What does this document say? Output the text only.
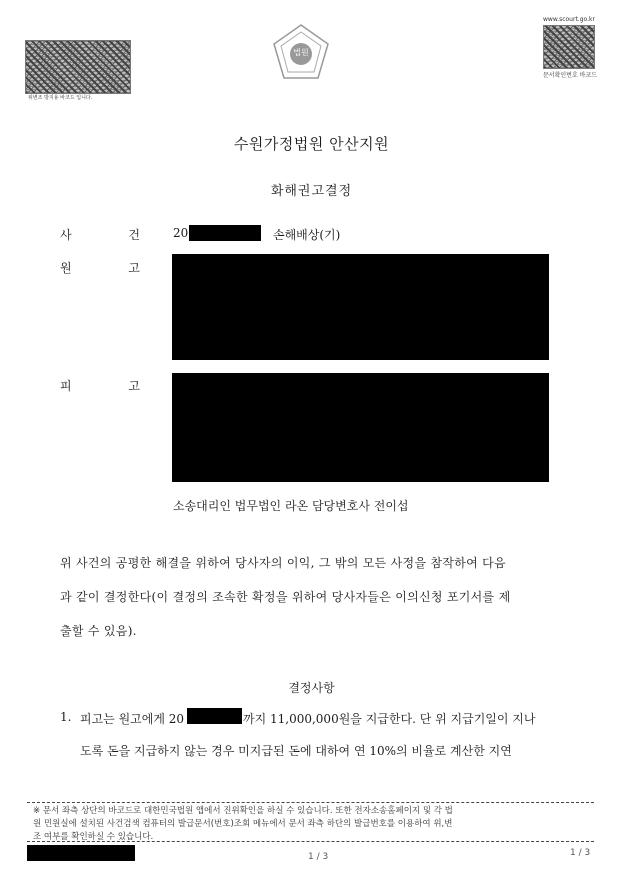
위변조 방지용 바코드 입니다.
법원
www.scourt.go.kr
문서확인번호 바코드
수원가정법원 안산지원
화해권고결정
사	건	20	손해배상(기)
원	고
피	고
소송대리인 법무법인 라온 담당변호사 전이섭
위 사건의 공평한 해결을 위하여 당사자의 이익, 그 밖의 모든 사정을 참작하여 다음
과 같이 결정한다(이 결정의 조속한 확정을 위하여 당사자들은 이의신청 포기서를 제
출할 수 있음).
결정사항
1. 피고는 원고에게 20	까지 11,000,000원을 지급한다. 단 위 지급기일이 지나
도록 돈을 지급하지 않는 경우 미지급된 돈에 대하여 연 10%의 비율로 계산한 지연
※ 문서 좌측 상단의 바코드로 대한민국법원 앱에서 진위확인을 하실 수 있습니다. 또한 전자소송홈페이지 및 각 법
원 민원실에 설치된 사건검색 컴퓨터의 발급문서(번호)조회 메뉴에서 문서 좌측 하단의 발급번호를 이용하여 위,변
조 여부를 확인하실 수 있습니다.
1 / 3	1 / 3
